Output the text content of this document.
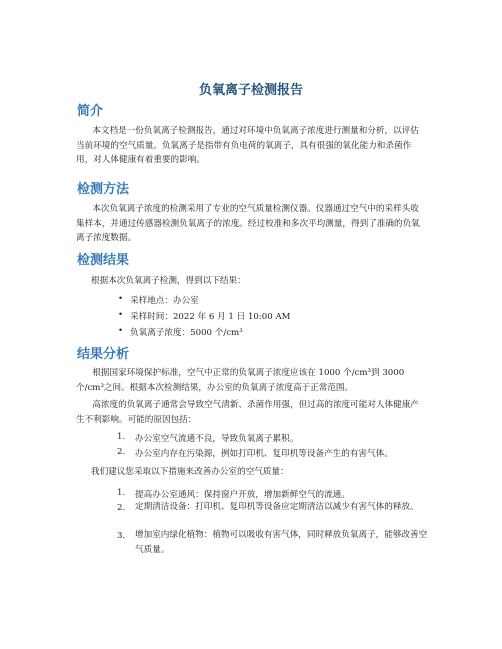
负氧离子检测报告
简介
本文档是一份负氧离子检测报告，通过对环境中负氧离子浓度进行测量和分析，以评估当前环境的空气质量。负氧离子是指带有负电荷的氧离子，具有很强的氧化能力和杀菌作用，对人体健康有着重要的影响。
检测方法
本次负氧离子浓度的检测采用了专业的空气质量检测仪器。仪器通过空气中的采样头收集样本，并通过传感器检测负氧离子的浓度。经过校准和多次平均测量，得到了准确的负氧离子浓度数据。
检测结果
根据本次负氧离子检测，得到以下结果：
• 采样地点：办公室
• 采样时间：2022 年 6 月 1 日 10:00 AM
• 负氧离子浓度：5000 个/cm³
结果分析
根据国家环境保护标准，空气中正常的负氧离子浓度应该在 1000 个/cm³到 3000 个/cm³之间。根据本次检测结果，办公室的负氧离子浓度高于正常范围。
高浓度的负氧离子通常会导致空气清新、杀菌作用强，但过高的浓度可能对人体健康产生不利影响。可能的原因包括：
1. 办公室空气流通不良，导致负氧离子累积。
2. 办公室内存在污染源，例如打印机、复印机等设备产生的有害气体。
我们建议您采取以下措施来改善办公室的空气质量：
1. 提高办公室通风：保持窗户开放，增加新鲜空气的流通。
2. 定期清洁设备：打印机、复印机等设备应定期清洁以减少有害气体的释放。
3. 增加室内绿化植物：植物可以吸收有害气体，同时释放负氧离子，能够改善空气质量。
